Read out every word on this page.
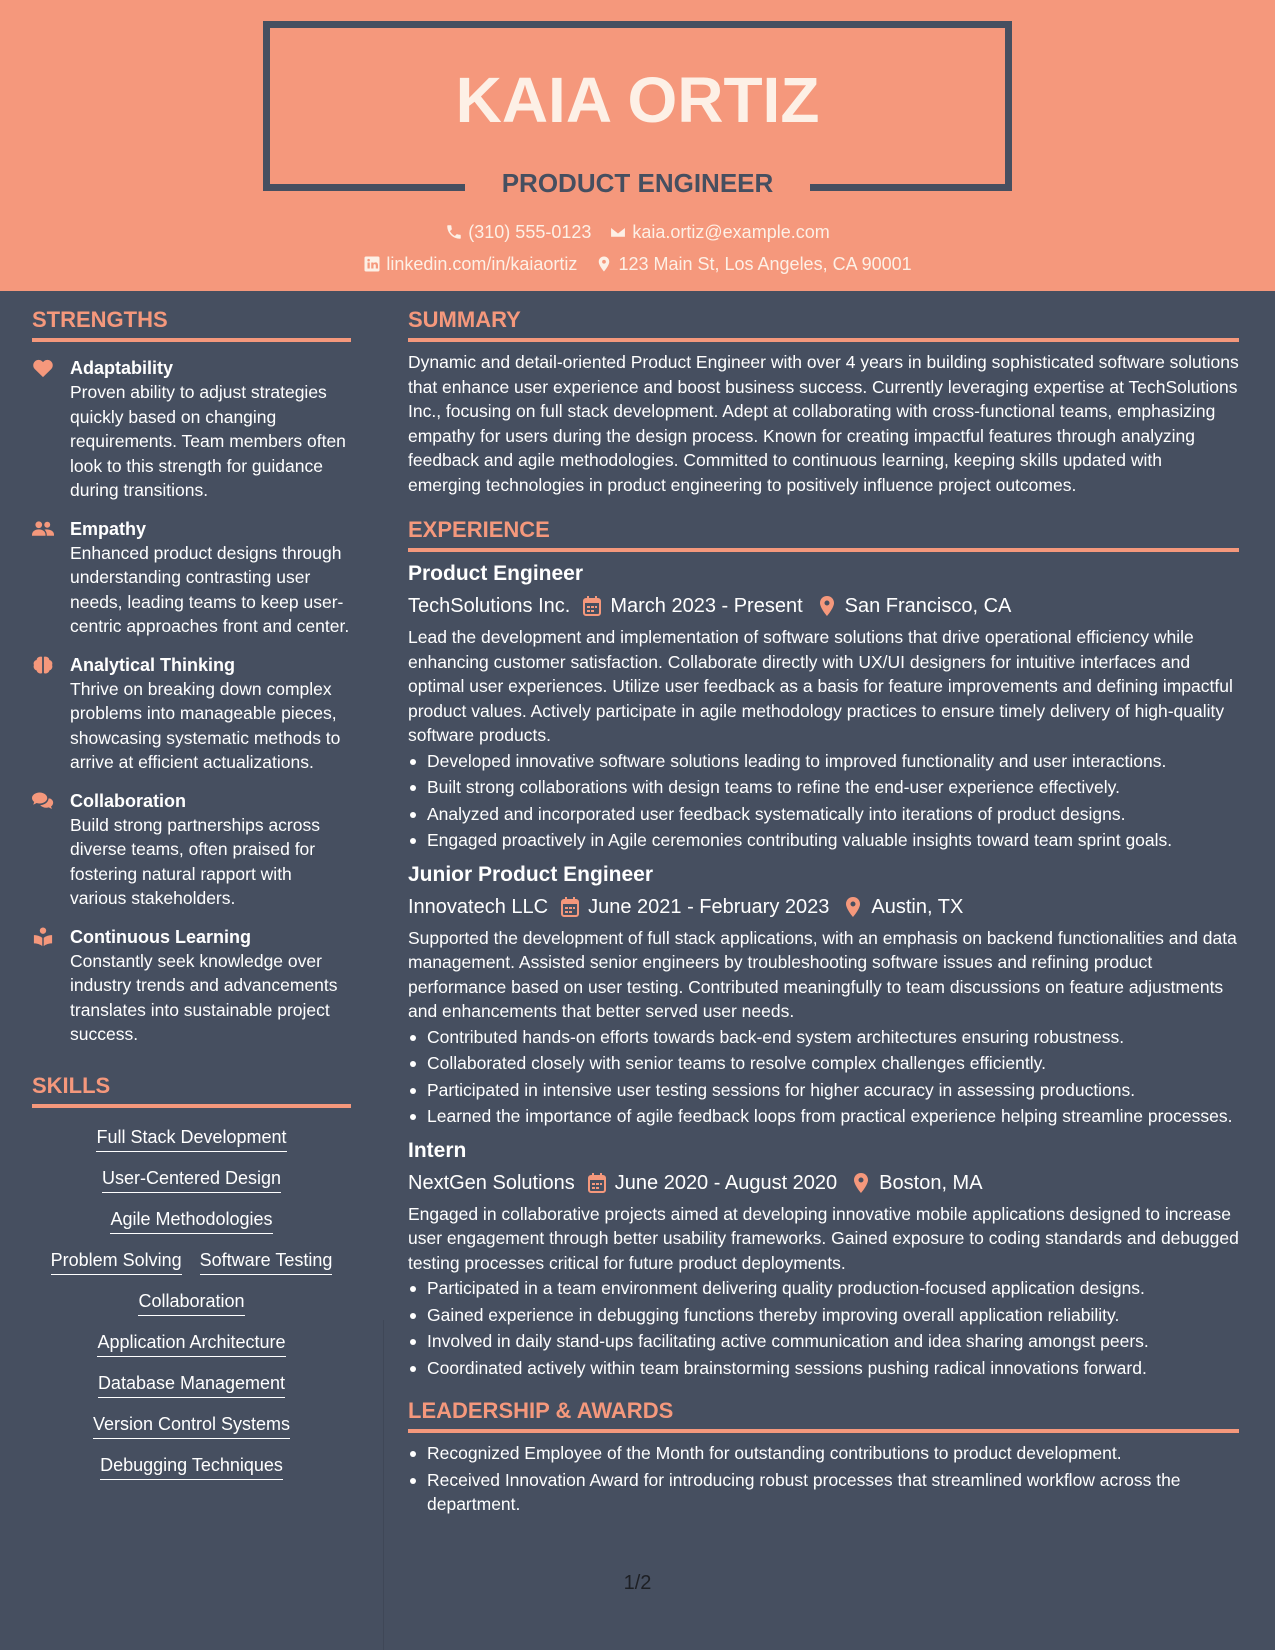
KAIA ORTIZ
PRODUCT ENGINEER
(310) 555-0123 kaia.ortiz@example.com
linkedin.com/in/kaiaortiz 123 Main St, Los Angeles, CA 90001
STRENGTHS
Adaptability
Proven ability to adjust strategies quickly based on changing requirements. Team members often look to this strength for guidance during transitions.
Empathy
Enhanced product designs through understanding contrasting user needs, leading teams to keep user-centric approaches front and center.
Analytical Thinking
Thrive on breaking down complex problems into manageable pieces, showcasing systematic methods to arrive at efficient actualizations.
Collaboration
Build strong partnerships across diverse teams, often praised for fostering natural rapport with various stakeholders.
Continuous Learning
Constantly seek knowledge over industry trends and advancements translates into sustainable project success.
SKILLS
Full Stack Development
User-Centered Design
Agile Methodologies
Problem Solving Software Testing
Collaboration
Application Architecture
Database Management
Version Control Systems
Debugging Techniques
SUMMARY
Dynamic and detail-oriented Product Engineer with over 4 years in building sophisticated software solutions that enhance user experience and boost business success. Currently leveraging expertise at TechSolutions Inc., focusing on full stack development. Adept at collaborating with cross-functional teams, emphasizing empathy for users during the design process. Known for creating impactful features through analyzing feedback and agile methodologies. Committed to continuous learning, keeping skills updated with emerging technologies in product engineering to positively influence project outcomes.
EXPERIENCE
Product Engineer
TechSolutions Inc. March 2023 - Present San Francisco, CA
Lead the development and implementation of software solutions that drive operational efficiency while enhancing customer satisfaction. Collaborate directly with UX/UI designers for intuitive interfaces and optimal user experiences. Utilize user feedback as a basis for feature improvements and defining impactful product values. Actively participate in agile methodology practices to ensure timely delivery of high-quality software products.
Developed innovative software solutions leading to improved functionality and user interactions.
Built strong collaborations with design teams to refine the end-user experience effectively.
Analyzed and incorporated user feedback systematically into iterations of product designs.
Engaged proactively in Agile ceremonies contributing valuable insights toward team sprint goals.
Junior Product Engineer
Innovatech LLC June 2021 - February 2023 Austin, TX
Supported the development of full stack applications, with an emphasis on backend functionalities and data management. Assisted senior engineers by troubleshooting software issues and refining product performance based on user testing. Contributed meaningfully to team discussions on feature adjustments and enhancements that better served user needs.
Contributed hands-on efforts towards back-end system architectures ensuring robustness.
Collaborated closely with senior teams to resolve complex challenges efficiently.
Participated in intensive user testing sessions for higher accuracy in assessing productions.
Learned the importance of agile feedback loops from practical experience helping streamline processes.
Intern
NextGen Solutions June 2020 - August 2020 Boston, MA
Engaged in collaborative projects aimed at developing innovative mobile applications designed to increase user engagement through better usability frameworks. Gained exposure to coding standards and debugged testing processes critical for future product deployments.
Participated in a team environment delivering quality production-focused application designs.
Gained experience in debugging functions thereby improving overall application reliability.
Involved in daily stand-ups facilitating active communication and idea sharing amongst peers.
Coordinated actively within team brainstorming sessions pushing radical innovations forward.
LEADERSHIP & AWARDS
Recognized Employee of the Month for outstanding contributions to product development.
Received Innovation Award for introducing robust processes that streamlined workflow across the department.
1/2
